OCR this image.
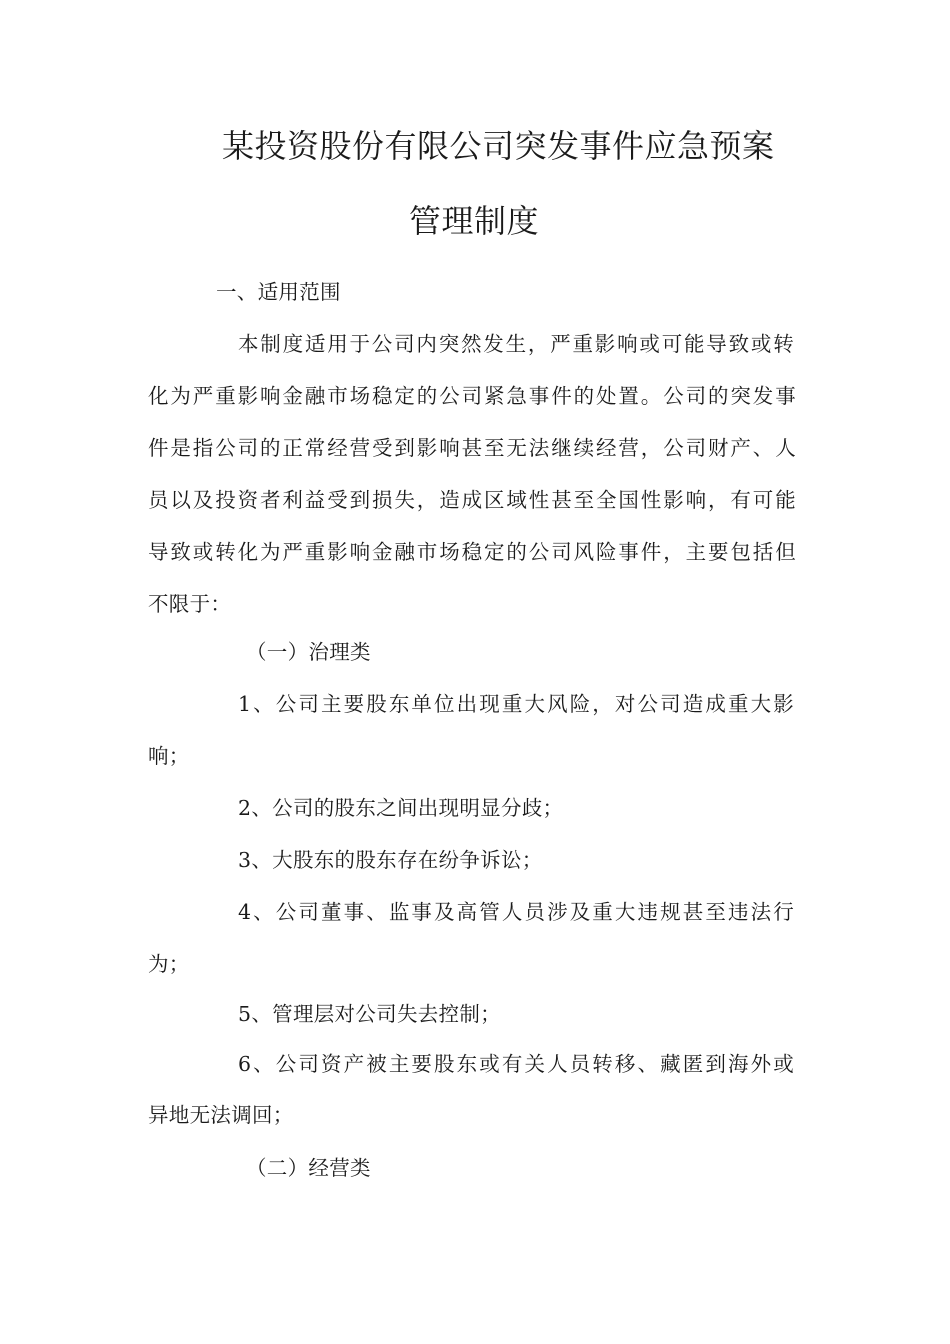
某投资股份有限公司突发事件应急预案
管理制度
一、适用范围
本制度适用于公司内突然发生，严重影响或可能导致或转
化为严重影响金融市场稳定的公司紧急事件的处置。公司的突发事
件是指公司的正常经营受到影响甚至无法继续经营，公司财产、人
员以及投资者利益受到损失，造成区域性甚至全国性影响，有可能
导致或转化为严重影响金融市场稳定的公司风险事件，主要包括但
不限于：
（一）治理类
1、公司主要股东单位出现重大风险，对公司造成重大影
响；
2、公司的股东之间出现明显分歧；
3、大股东的股东存在纷争诉讼；
4、公司董事、监事及高管人员涉及重大违规甚至违法行
为；
5、管理层对公司失去控制；
6、公司资产被主要股东或有关人员转移、藏匿到海外或
异地无法调回；
（二）经营类
